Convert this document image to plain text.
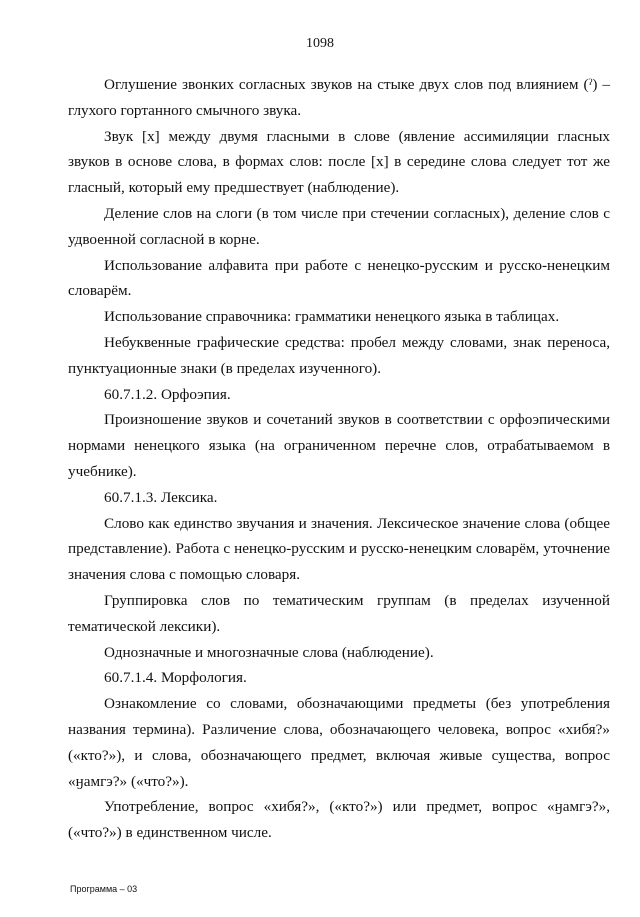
1098

Оглушение звонких согласных звуков на стыке двух слов под влиянием (ˀ) – глухого гортанного смычного звука.

Звук [х] между двумя гласными в слове (явление ассимиляции гласных звуков в основе слова, в формах слов: после [х] в середине слова следует тот же гласный, который ему предшествует (наблюдение).

Деление слов на слоги (в том числе при стечении согласных), деление слов с удвоенной согласной в корне.

Использование алфавита при работе с ненецко-русским и русско-ненецким словарём.

Использование справочника: грамматики ненецкого языка в таблицах.

Небуквенные графические средства: пробел между словами, знак переноса, пунктуационные знаки (в пределах изученного).

60.7.1.2. Орфоэпия.

Произношение звуков и сочетаний звуков в соответствии с орфоэпическими нормами ненецкого языка (на ограниченном перечне слов, отрабатываемом в учебнике).

60.7.1.3. Лексика.

Слово как единство звучания и значения. Лексическое значение слова (общее представление). Работа с ненецко-русским и русско-ненецким словарём, уточнение значения слова с помощью словаря.

Группировка слов по тематическим группам (в пределах изученной тематической лексики).

Однозначные и многозначные слова (наблюдение).

60.7.1.4. Морфология.

Ознакомление со словами, обозначающими предметы (без употребления названия термина). Различение слова, обозначающего человека, вопрос «хибя?» («кто?»), и слова, обозначающего предмет, включая живые существа, вопрос «ӈамгэ?» («что?»).

Употребление, вопрос «хибя?», («кто?») или предмет, вопрос «ӈамгэ?», («что?») в единственном числе.

Программа – 03
